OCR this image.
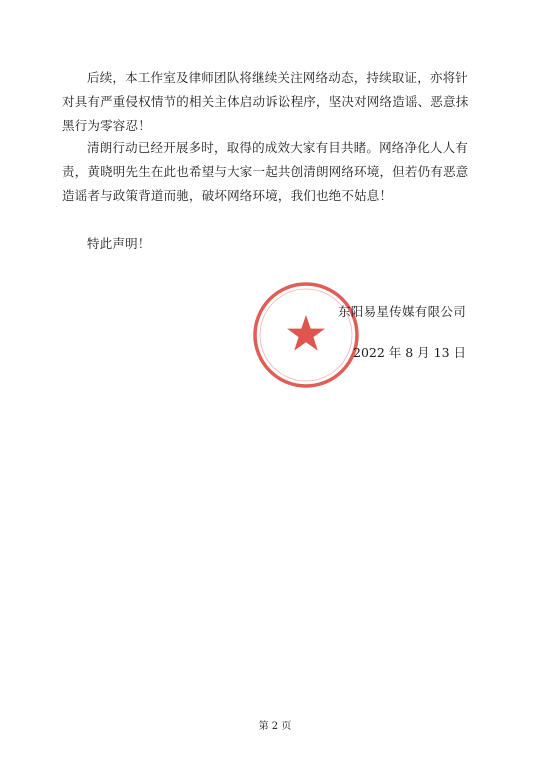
后续，本工作室及律师团队将继续关注网络动态，持续取证，亦将针对具有严重侵权情节的相关主体启动诉讼程序，坚决对网络造谣、恶意抹黑行为零容忍！

清朗行动已经开展多时，取得的成效大家有目共睹。网络净化人人有责，黄晓明先生在此也希望与大家一起共创清朗网络环境，但若仍有恶意造谣者与政策背道而驰，破坏网络环境，我们也绝不姑息！

特此声明！

东阳易星传媒有限公司
2022 年 8 月 13 日
第 2 页
